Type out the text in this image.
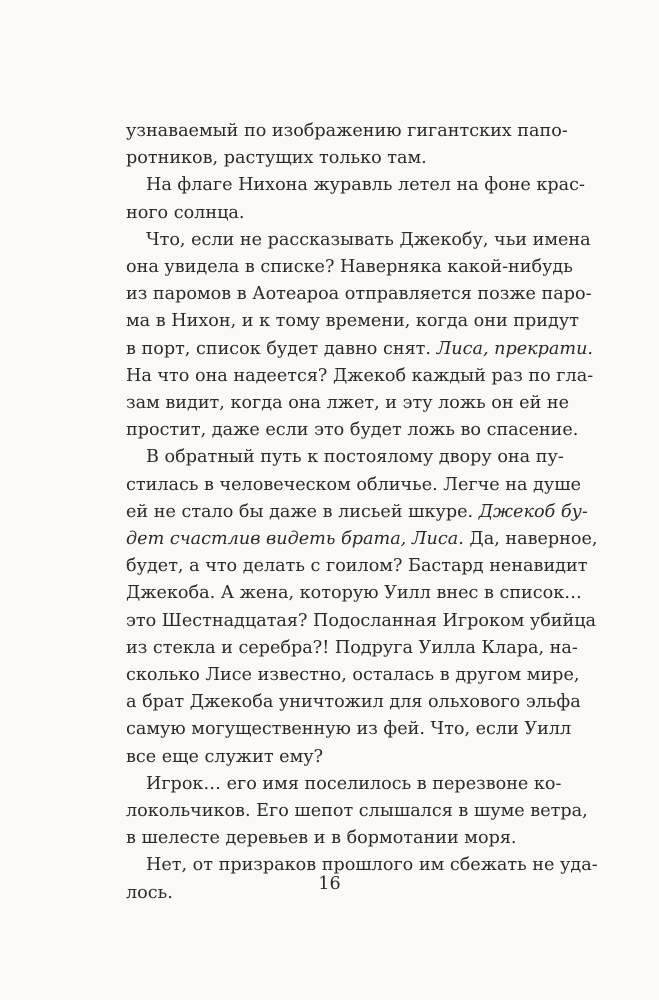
узнаваемый по изображению гигантских папо-
ротников, растущих только там.
На флаге Нихона журавль летел на фоне крас-
ного солнца.
Что, если не рассказывать Джекобу, чьи имена
она увидела в списке? Наверняка какой-нибудь
из паромов в Аотеароа отправляется позже паро-
ма в Нихон, и к тому времени, когда они придут
в порт, список будет давно снят. Лиса, прекрати.
На что она надеется? Джекоб каждый раз по гла-
зам видит, когда она лжет, и эту ложь он ей не
простит, даже если это будет ложь во спасение.
В обратный путь к постоялому двору она пу-
стилась в человеческом обличье. Легче на душе
ей не стало бы даже в лисьей шкуре. Джекоб бу-
дет счастлив видеть брата, Лиса. Да, наверное,
будет, а что делать с гоилом? Бастард ненавидит
Джекоба. А жена, которую Уилл внес в список…
это Шестнадцатая? Подосланная Игроком убийца
из стекла и серебра?! Подруга Уилла Клара, на-
сколько Лисе известно, осталась в другом мире,
а брат Джекоба уничтожил для ольхового эльфа
самую могущественную из фей. Что, если Уилл
все еще служит ему?
Игрок… его имя поселилось в перезвоне ко-
локольчиков. Его шепот слышался в шуме ветра,
в шелесте деревьев и в бормотании моря.
Нет, от призраков прошлого им сбежать не уда-
лось.	16
